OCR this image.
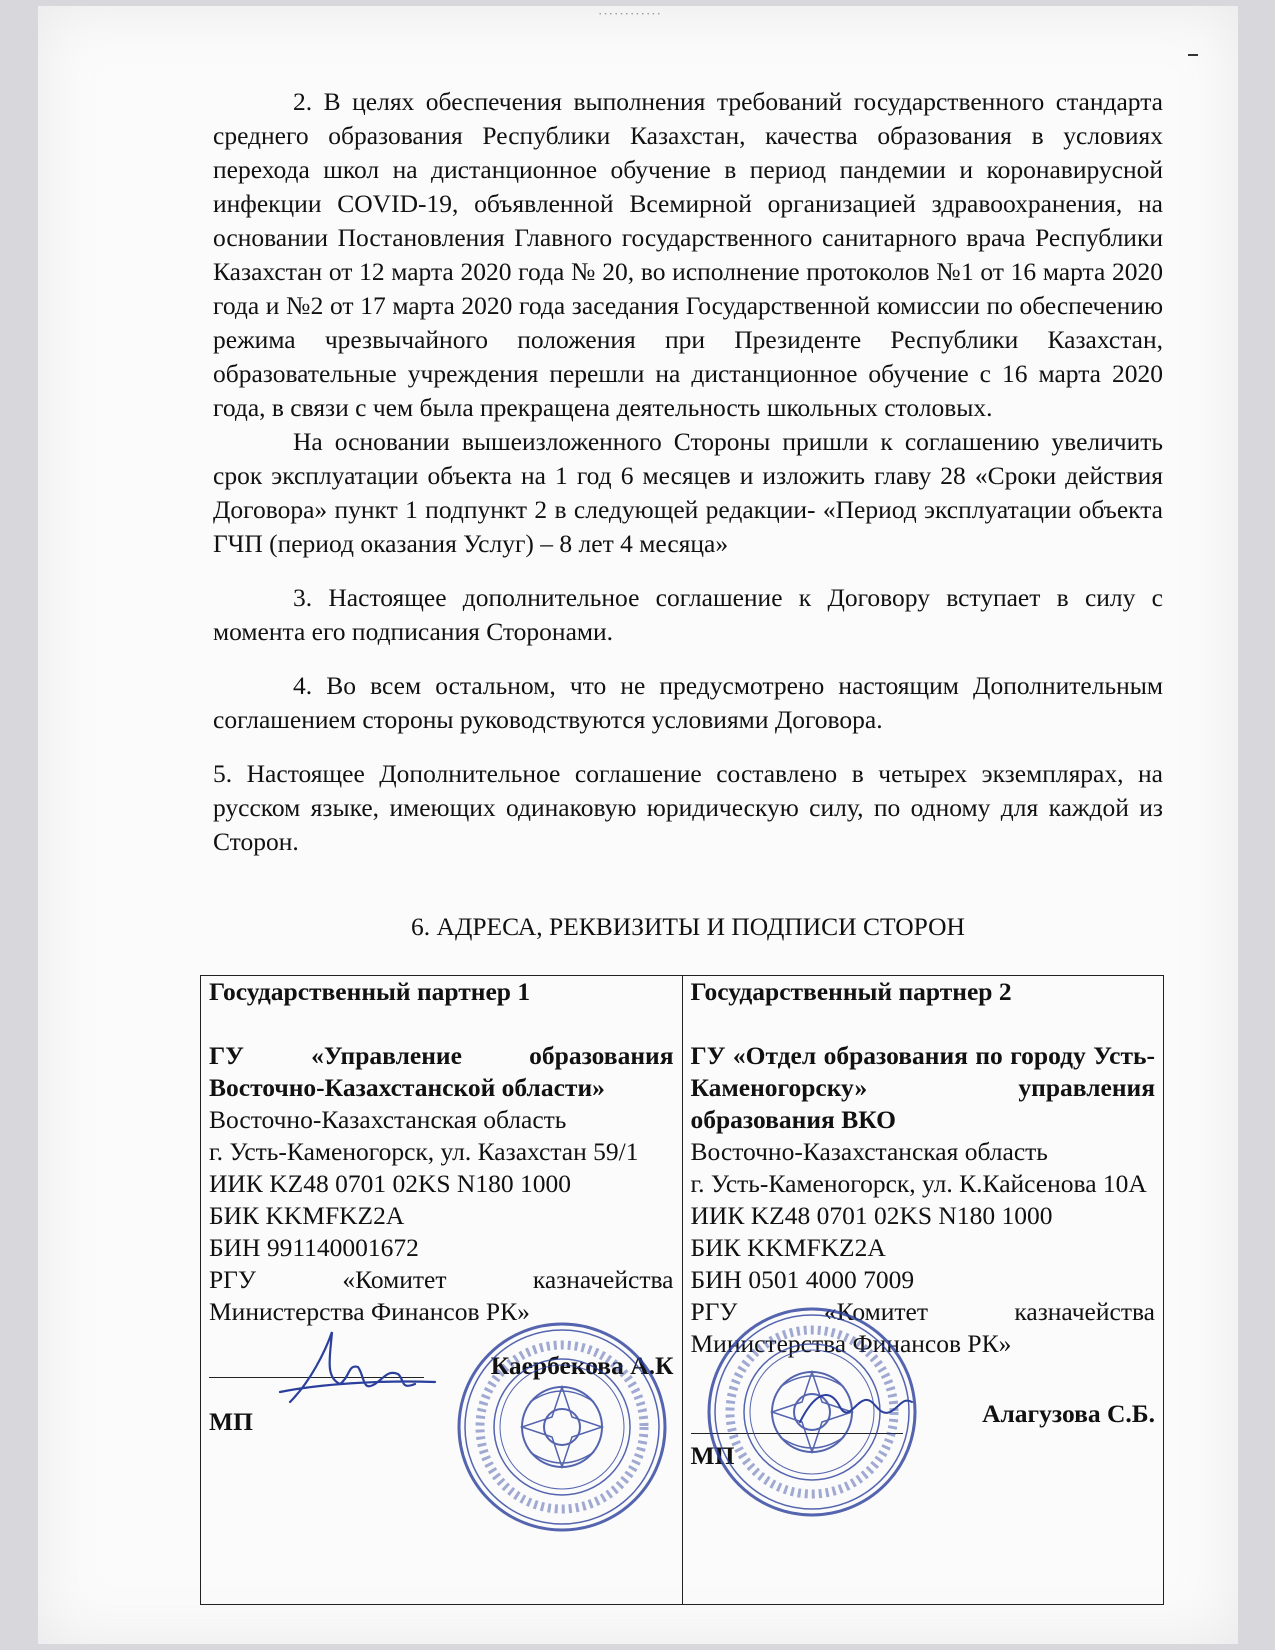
············

2. В целях обеспечения выполнения требований государственного стандарта среднего образования Республики Казахстан, качества образования в условиях перехода школ на дистанционное обучение в период пандемии и коронавирусной инфекции COVID-19, объявленной Всемирной организацией здравоохранения, на основании Постановления Главного государственного санитарного врача Республики Казахстан от 12 марта 2020 года № 20, во исполнение протоколов №1 от 16 марта 2020 года и №2 от 17 марта 2020 года заседания Государственной комиссии по обеспечению режима чрезвычайного положения при Президенте Республики Казахстан, образовательные учреждения перешли на дистанционное обучение с 16 марта 2020 года, в связи с чем была прекращена деятельность школьных столовых.

На основании вышеизложенного Стороны пришли к соглашению увеличить срок эксплуатации объекта на 1 год 6 месяцев и изложить главу 28 «Сроки действия Договора» пункт 1 подпункт 2 в следующей редакции- «Период эксплуатации объекта ГЧП (период оказания Услуг) – 8 лет 4 месяца»

3. Настоящее дополнительное соглашение к Договору вступает в силу с момента его подписания Сторонами.

4. Во всем остальном, что не предусмотрено настоящим Дополнительным соглашением стороны руководствуются условиями Договора.

5. Настоящее Дополнительное соглашение составлено в четырех экземплярах, на русском языке, имеющих одинаковую юридическую силу, по одному для каждой из Сторон.

6. АДРЕСА, РЕКВИЗИТЫ И ПОДПИСИ СТОРОН
Государственный партнер 1
ГУ «Управление образования Восточно-Казахстанской области»
Восточно-Казахстанская область
г. Усть-Каменогорск, ул. Казахстан 59/1
ИИК KZ48 0701 02KS N180 1000
БИК KKMFKZ2A
БИН 991140001672
РГУ «Комитет казначейства Министерства Финансов РК»
Каербекова А.К
МП

Государственный партнер 2
ГУ «Отдел образования по городу Усть-Каменогорску» управления образования ВКО
Восточно-Казахстанская область
г. Усть-Каменогорск, ул. К.Кайсенова 10А
ИИК KZ48 0701 02KS N180 1000
БИК KKMFKZ2A
БИН 0501 4000 7009
РГУ «Комитет казначейства Министерства Финансов РК»
Алагузова С.Б.
МП
